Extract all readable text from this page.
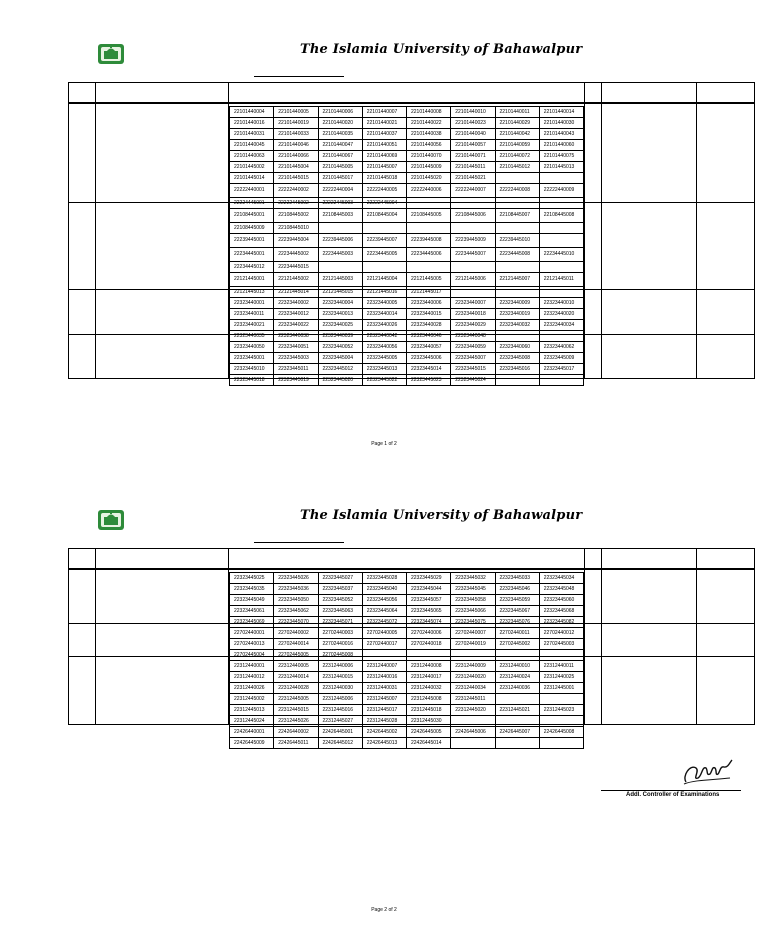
The Islamia University of Bahawalpur
22101440004	22101440005	22101440006	22101440007	22101440008	22101440010	22101440011	22101440014
22101440016	22101440019	22101440020	22101440021	22101440022	22101440023	22101440029	22101440030
22101440031	22101440033	22101440035	22101440037	22101440038	22101440040	22101440042	22101440043
22101440045	22101440046	22101440047	22101440051	22101440056	22101440057	22101440059	22101440060
22101440063	22101440066	22101440067	22101440069	22101440070	22101440071	22101440072	22101440075
22101445002	22101445004	22101445005	22101445007	22101445009	22101445011	22101445012	22101445013
22101445014	22101445015	22101445017	22101445018	22101445020	22101445021		
22222440001	22222440002	22222440004	22222440005	22222440006	22222440007	22222440008	22222440009
22224445001	22222445002	22222445003	22222445004				
22108445001	22108445002	22108445003	22108445004	22108445005	22108445006	22108445007	22108445008
22108445009	22108445010						
22239445001	22239445004	22239445006	22239445007	22239445008	22239445009	22239445010	
22234445001	22234445002	22234445003	22234445005	22234445006	22234445007	22234445008	22234445010
22234445012	22234445015						
22121445001	22121445002	22121445003	22121445004	22121445005	22121445006	22121445007	22121445011
22121445013	22121445014	22121445015	22121445016	22121445017			
22323440001	22323440002	22323440004	22323440005	22323440006	22323440007	22323440009	22323440010
22323440011	22323440012	22323440013	22323440014	22323440015	22323440018	22323440019	22323440020
22323440021	22323440022	22323440025	22323440026	22323440028	22323440029	22323440032	22323440034
22323440035	22323440038	22323440039	22323440042	22323440046	22323440048		
22323440050	22323440051	22323440052	22323440056	22323440057	22323440059	22323440060	22323440062
22323445001	22323445003	22323445004	22323445005	22323445006	22323445007	22323445008	22323445009
22323445010	22323445011	22323445012	22323445013	22323445014	22323445015	22323445016	22323445017
22323445018	22323445019	22323445020	22323445022	22323445023	22323445024		
Page 1 of 2
The Islamia University of Bahawalpur
22323445025	22323445026	22323445027	22323445028	22323445029	22323445032	22323445033	22323445034
22323445035	22323445036	22323445037	22323445040	22323445044	22323445045	22323445046	22323445048
22323445049	22323445050	22323445052	22323445056	22323445057	22323445058	22323445059	22323445060
22323445061	22323445062	22323445063	22323445064	22323445065	22323445066	22323445067	22323445068
22323445069	22323445070	22323445071	22323445072	22323445074	22323445075	22323445076	22323445082
22702440001	22702440002	22702440003	22702440005	22702440006	22702440007	22702440011	22702440012
22702440013	22702440014	22702440016	22702440017	22702440018	22702440019	22702445002	22702445003
22702445004	22702445005	22702445008					
22312440001	22312440005	22312440006	22312440007	22312440008	22312440009	22312440010	22312440011
22312440012	22312440014	22312440015	22312440016	22312440017	22312440020	22312440024	22312440025
22312440026	22312440028	22312440030	22312440031	22312440032	22312440034	22312440036	22312445001
22312445002	22312445005	22312445006	22312445007	22312445008	22312445011		
22312445013	22312445015	22312445016	22312445017	22312445018	22312445020	22312445021	22312445023
22312445024	22312445026	22312445027	22312445028	22312445030			
22426440001	22426440002	22426445001	22426445002	22426445005	22426445006	22426445007	22426445008
22426445009	22426445011	22426445012	22426445013	22426445014			
Page 2 of 2
Addl. Controller of Examinations
